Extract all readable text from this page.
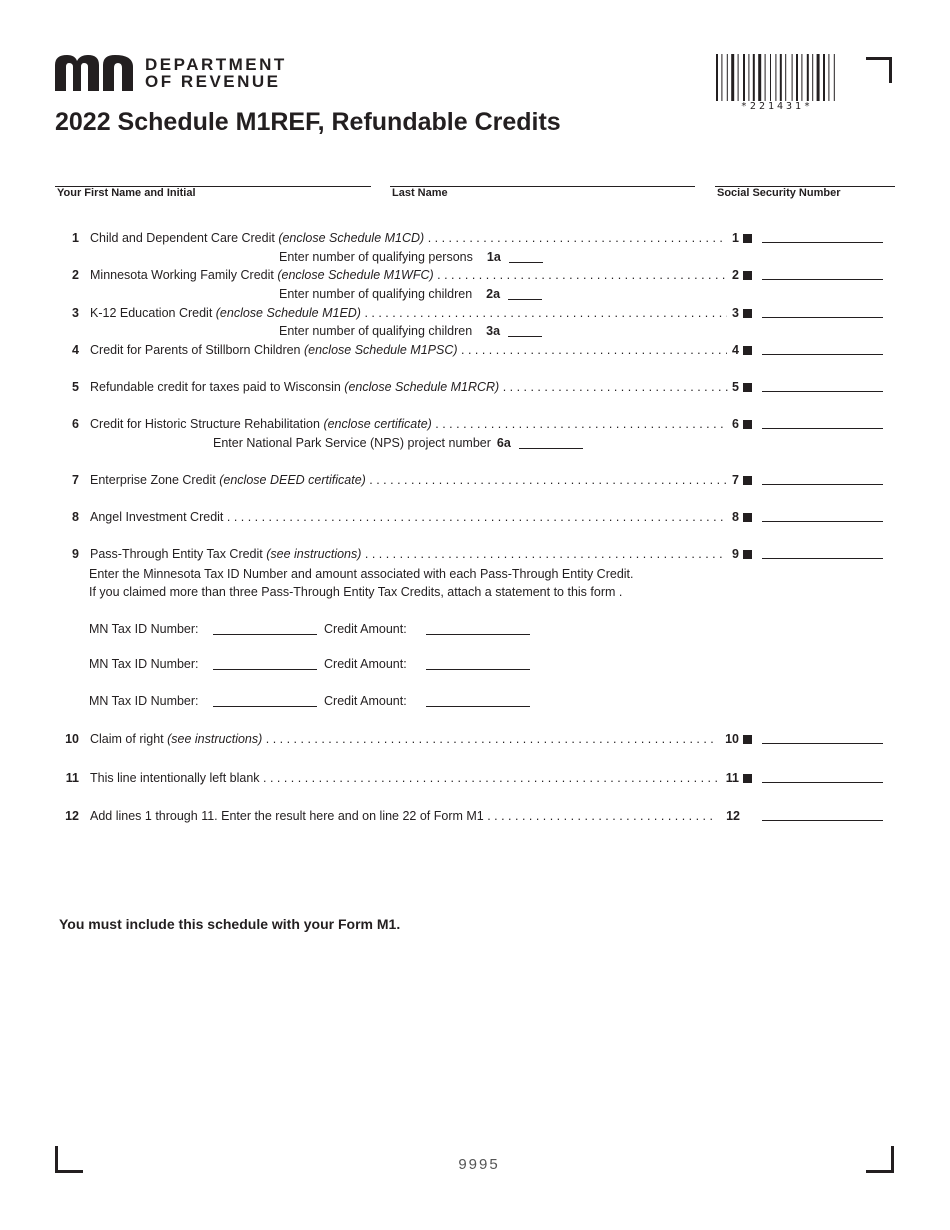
DEPARTMENT
OF REVENUE
2022 Schedule M1REF, Refundable Credits
*221431*
Your First Name and Initial	Last Name	Social Security Number
1 Child and Dependent Care Credit (enclose Schedule M1CD) . . .	1
Enter number of qualifying persons 1a
2 Minnesota Working Family Credit (enclose Schedule M1WFC) . . .	2
Enter number of qualifying children 2a
3 K-12 Education Credit (enclose Schedule M1ED) . . .	3
Enter number of qualifying children 3a
4 Credit for Parents of Stillborn Children (enclose Schedule M1PSC) . . .	4
5 Refundable credit for taxes paid to Wisconsin (enclose Schedule M1RCR) . . .	5
6 Credit for Historic Structure Rehabilitation (enclose certificate) . . .	6
Enter National Park Service (NPS) project number 6a
7 Enterprise Zone Credit (enclose DEED certificate) . . .	7
8 Angel Investment Credit . . .	8
9 Pass-Through Entity Tax Credit (see instructions) . . .	9
Enter the Minnesota Tax ID Number and amount associated with each Pass-Through Entity Credit.
If you claimed more than three Pass-Through Entity Tax Credits, attach a statement to this form .
MN Tax ID Number:	Credit Amount:
MN Tax ID Number:	Credit Amount:
MN Tax ID Number:	Credit Amount:
10 Claim of right (see instructions) . . .	10
11 This line intentionally left blank . . .	11
12 Add lines 1 through 11. Enter the result here and on line 22 of Form M1 . . .	12
You must include this schedule with your Form M1.
9995
